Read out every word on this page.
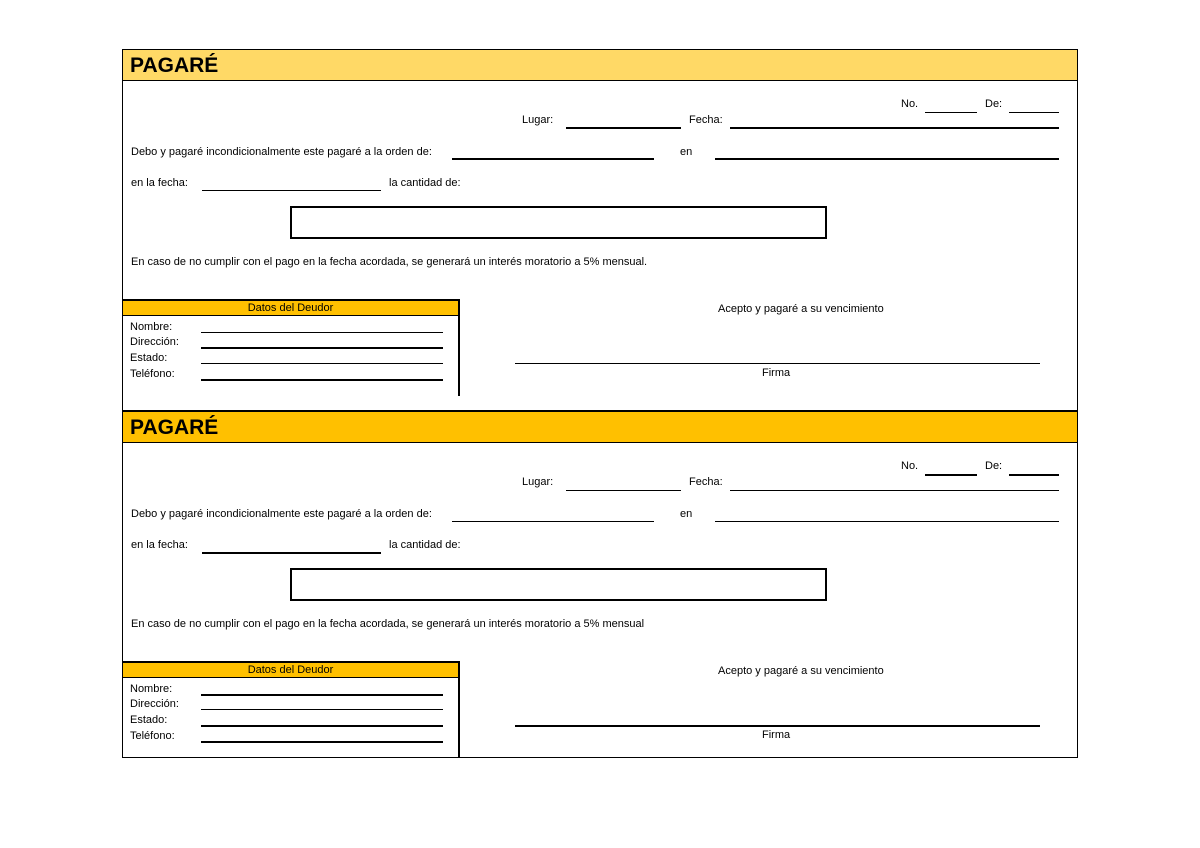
PAGARÉ
No.	De:
Lugar:	Fecha:
Debo y pagaré incondicionalmente este pagaré a la orden de:	en
en la fecha:	la cantidad de:
En caso de no cumplir con el pago en la fecha acordada, se generará un interés moratorio a 5% mensual.
Datos del Deudor
Nombre:
Dirección:
Estado:
Teléfono:
Acepto y pagaré a su vencimiento
Firma
PAGARÉ
No.	De:
Lugar:	Fecha:
Debo y pagaré incondicionalmente este pagaré a la orden de:	en
en la fecha:	la cantidad de:
En caso de no cumplir con el pago en la fecha acordada, se generará un interés moratorio a 5% mensual
Datos del Deudor
Nombre:
Dirección:
Estado:
Teléfono:
Acepto y pagaré a su vencimiento
Firma
